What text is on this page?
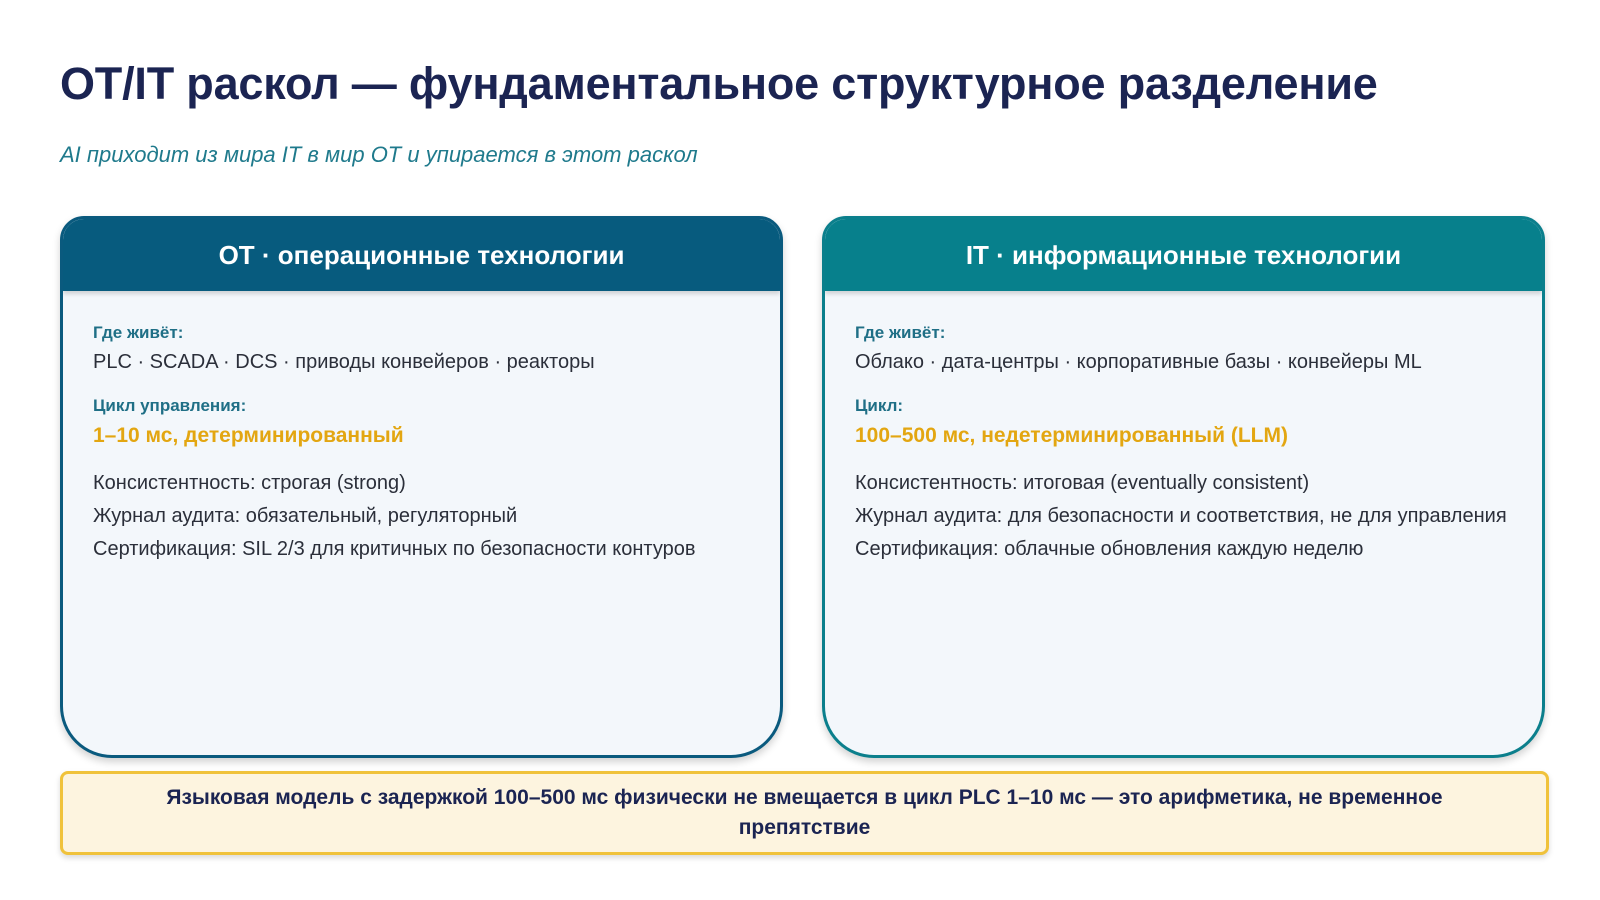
OT/IT раскол — фундаментальное структурное разделение
AI приходит из мира IT в мир OT и упирается в этот раскол
OT · операционные технологии
Где живёт:
PLC · SCADA · DCS · приводы конвейеров · реакторы
Цикл управления:
1–10 мс, детерминированный
Консистентность: строгая (strong)
Журнал аудита: обязательный, регуляторный
Сертификация: SIL 2/3 для критичных по безопасности контуров
IT · информационные технологии
Где живёт:
Облако · дата-центры · корпоративные базы · конвейеры ML
Цикл:
100–500 мс, недетерминированный (LLM)
Консистентность: итоговая (eventually consistent)
Журнал аудита: для безопасности и соответствия, не для управления
Сертификация: облачные обновления каждую неделю
Языковая модель с задержкой 100–500 мс физически не вмещается в цикл PLC 1–10 мс — это арифметика, не временное препятствие
